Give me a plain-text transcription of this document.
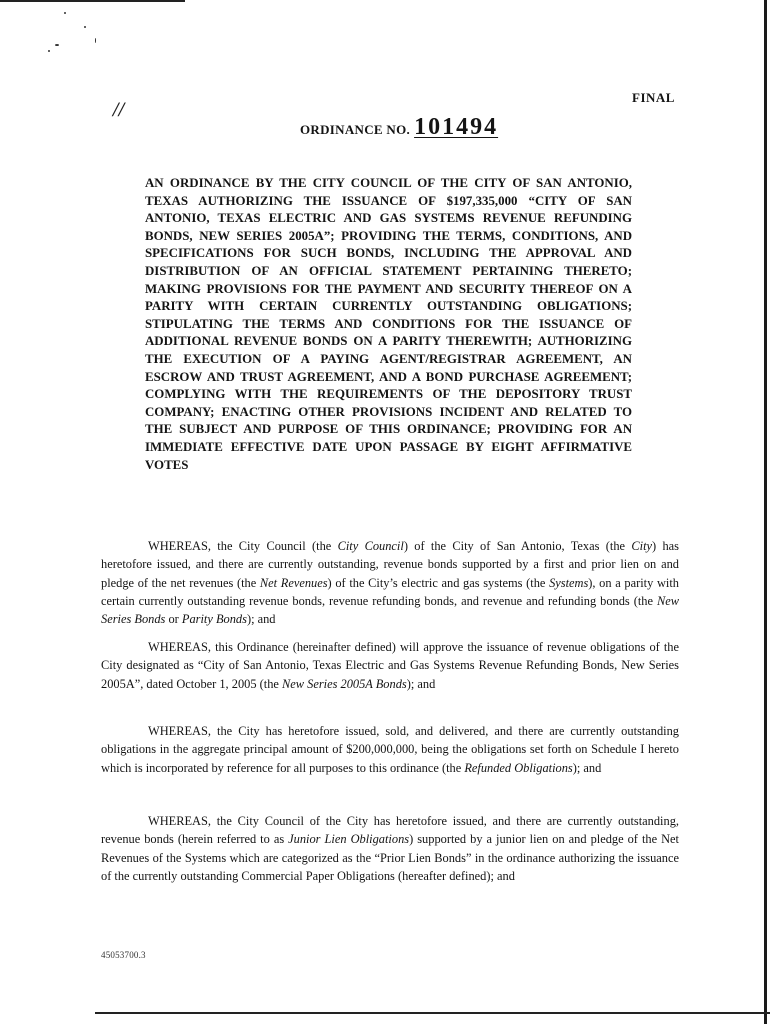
//
FINAL
ORDINANCE NO. 101494

AN ORDINANCE BY THE CITY COUNCIL OF THE CITY OF SAN ANTONIO, TEXAS AUTHORIZING THE ISSUANCE OF $197,335,000 “CITY OF SAN ANTONIO, TEXAS ELECTRIC AND GAS SYSTEMS REVENUE REFUNDING BONDS, NEW SERIES 2005A”; PROVIDING THE TERMS, CONDITIONS, AND SPECIFICATIONS FOR SUCH BONDS, INCLUDING THE APPROVAL AND DISTRIBUTION OF AN OFFICIAL STATEMENT PERTAINING THERETO; MAKING PROVISIONS FOR THE PAYMENT AND SECURITY THEREOF ON A PARITY WITH CERTAIN CURRENTLY OUTSTANDING OBLIGATIONS; STIPULATING THE TERMS AND CONDITIONS FOR THE ISSUANCE OF ADDITIONAL REVENUE BONDS ON A PARITY THEREWITH; AUTHORIZING THE EXECUTION OF A PAYING AGENT/REGISTRAR AGREEMENT, AN ESCROW AND TRUST AGREEMENT, AND A BOND PURCHASE AGREEMENT; COMPLYING WITH THE REQUIREMENTS OF THE DEPOSITORY TRUST COMPANY; ENACTING OTHER PROVISIONS INCIDENT AND RELATED TO THE SUBJECT AND PURPOSE OF THIS ORDINANCE; PROVIDING FOR AN IMMEDIATE EFFECTIVE DATE UPON PASSAGE BY EIGHT AFFIRMATIVE VOTES

WHEREAS, the City Council (the City Council) of the City of San Antonio, Texas (the City) has heretofore issued, and there are currently outstanding, revenue bonds supported by a first and prior lien on and pledge of the net revenues (the Net Revenues) of the City’s electric and gas systems (the Systems), on a parity with certain currently outstanding revenue bonds, revenue refunding bonds, and revenue and refunding bonds (the New Series Bonds or Parity Bonds); and

WHEREAS, this Ordinance (hereinafter defined) will approve the issuance of revenue obligations of the City designated as “City of San Antonio, Texas Electric and Gas Systems Revenue Refunding Bonds, New Series 2005A”, dated October 1, 2005 (the New Series 2005A Bonds); and

WHEREAS, the City has heretofore issued, sold, and delivered, and there are currently outstanding obligations in the aggregate principal amount of $200,000,000, being the obligations set forth on Schedule I hereto which is incorporated by reference for all purposes to this ordinance (the Refunded Obligations); and

WHEREAS, the City Council of the City has heretofore issued, and there are currently outstanding, revenue bonds (herein referred to as Junior Lien Obligations) supported by a junior lien on and pledge of the Net Revenues of the Systems which are categorized as the “Prior Lien Bonds” in the ordinance authorizing the issuance of the currently outstanding Commercial Paper Obligations (hereafter defined); and

45053700.3
